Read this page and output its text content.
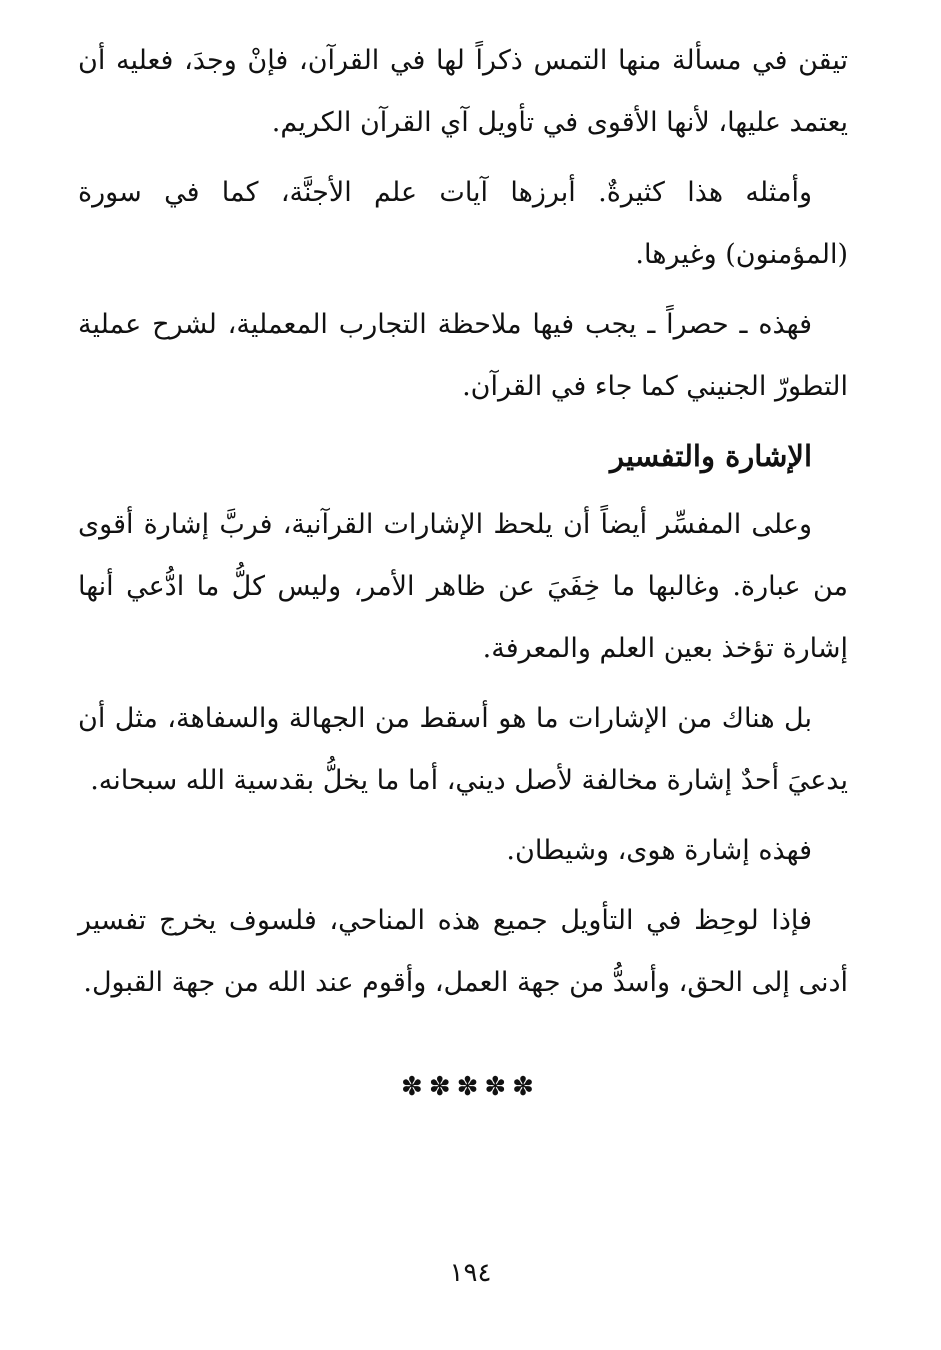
تيقن في مسألة منها التمس ذكراً لها في القرآن، فإنْ وجدَ، فعليه أن يعتمد عليها، لأنها الأقوى في تأويل آي القرآن الكريم.

وأمثله هذا كثيرةٌ. أبرزها آيات علم الأجنَّة، كما في سورة (المؤمنون) وغيرها.

فهذه ـ حصراً ـ يجب فيها ملاحظة التجارب المعملية، لشرح عملية التطورّ الجنيني كما جاء في القرآن.

الإشارة والتفسير

وعلى المفسِّر أيضاً أن يلحظ الإشارات القرآنية، فربَّ إشارة أقوى من عبارة. وغالبها ما خِفَيَ عن ظاهر الأمر، وليس كلُّ ما ادُّعي أنها إشارة تؤخذ بعين العلم والمعرفة.

بل هناك من الإشارات ما هو أسقط من الجهالة والسفاهة، مثل أن يدعيَ أحدٌ إشارة مخالفة لأصل ديني، أما ما يخلُّ بقدسية الله سبحانه.

فهذه إشارة هوى، وشيطان.

فإذا لوحِظ في التأويل جميع هذه المناحي، فلسوف يخرج تفسير أدنى إلى الحق، وأسدُّ من جهة العمل، وأقوم عند الله من جهة القبول.

✽✽✽✽✽
١٩٤
